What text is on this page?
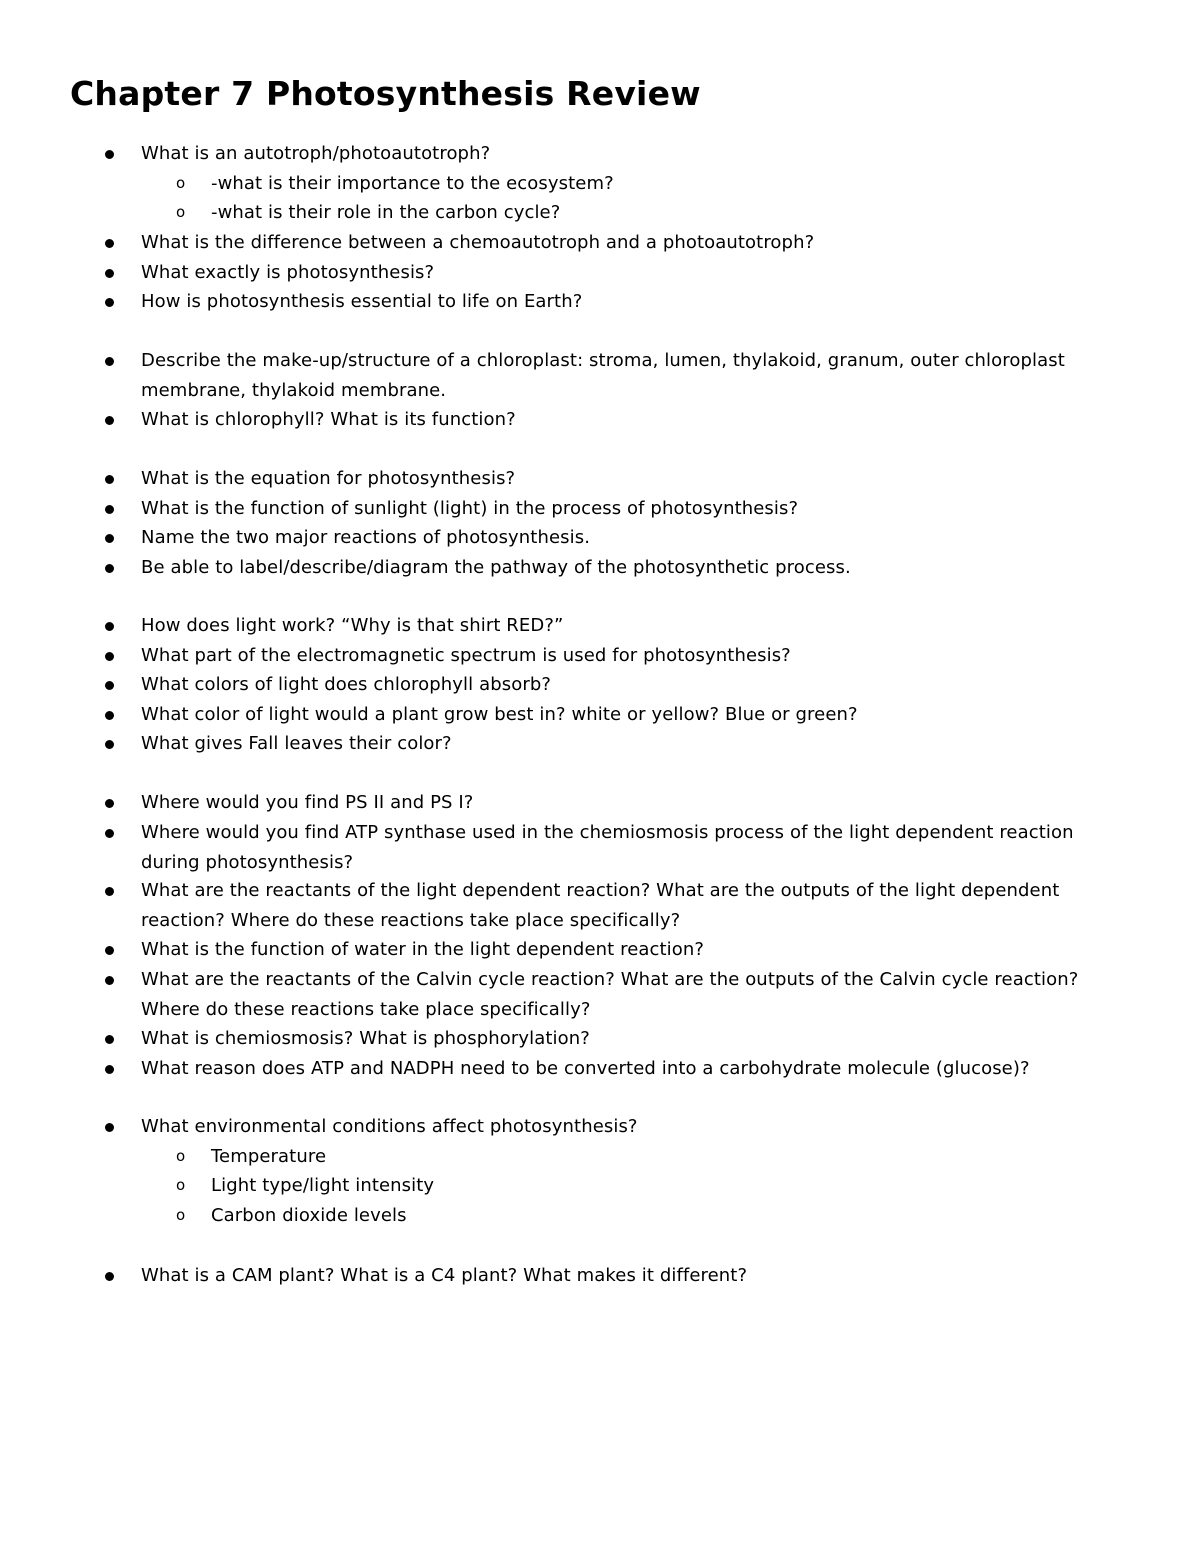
Chapter 7 Photosynthesis Review
What is an autotroph/photoautotroph?
o -what is their importance to the ecosystem?
o -what is their role in the carbon cycle?
What is the difference between a chemoautotroph and a photoautotroph?
What exactly is photosynthesis?
How is photosynthesis essential to life on Earth?
Describe the make-up/structure of a chloroplast: stroma, lumen, thylakoid, granum, outer chloroplast membrane, thylakoid membrane.
What is chlorophyll? What is its function?
What is the equation for photosynthesis?
What is the function of sunlight (light) in the process of photosynthesis?
Name the two major reactions of photosynthesis.
Be able to label/describe/diagram the pathway of the photosynthetic process.
How does light work? “Why is that shirt RED?”
What part of the electromagnetic spectrum is used for photosynthesis?
What colors of light does chlorophyll absorb?
What color of light would a plant grow best in? white or yellow? Blue or green?
What gives Fall leaves their color?
Where would you find PS II and PS I?
Where would you find ATP synthase used in the chemiosmosis process of the light dependent reaction during photosynthesis?
What are the reactants of the light dependent reaction? What are the outputs of the light dependent reaction? Where do these reactions take place specifically?
What is the function of water in the light dependent reaction?
What are the reactants of the Calvin cycle reaction? What are the outputs of the Calvin cycle reaction? Where do these reactions take place specifically?
What is chemiosmosis? What is phosphorylation?
What reason does ATP and NADPH need to be converted into a carbohydrate molecule (glucose)?
What environmental conditions affect photosynthesis?
o Temperature
o Light type/light intensity
o Carbon dioxide levels
What is a CAM plant? What is a C4 plant? What makes it different?
